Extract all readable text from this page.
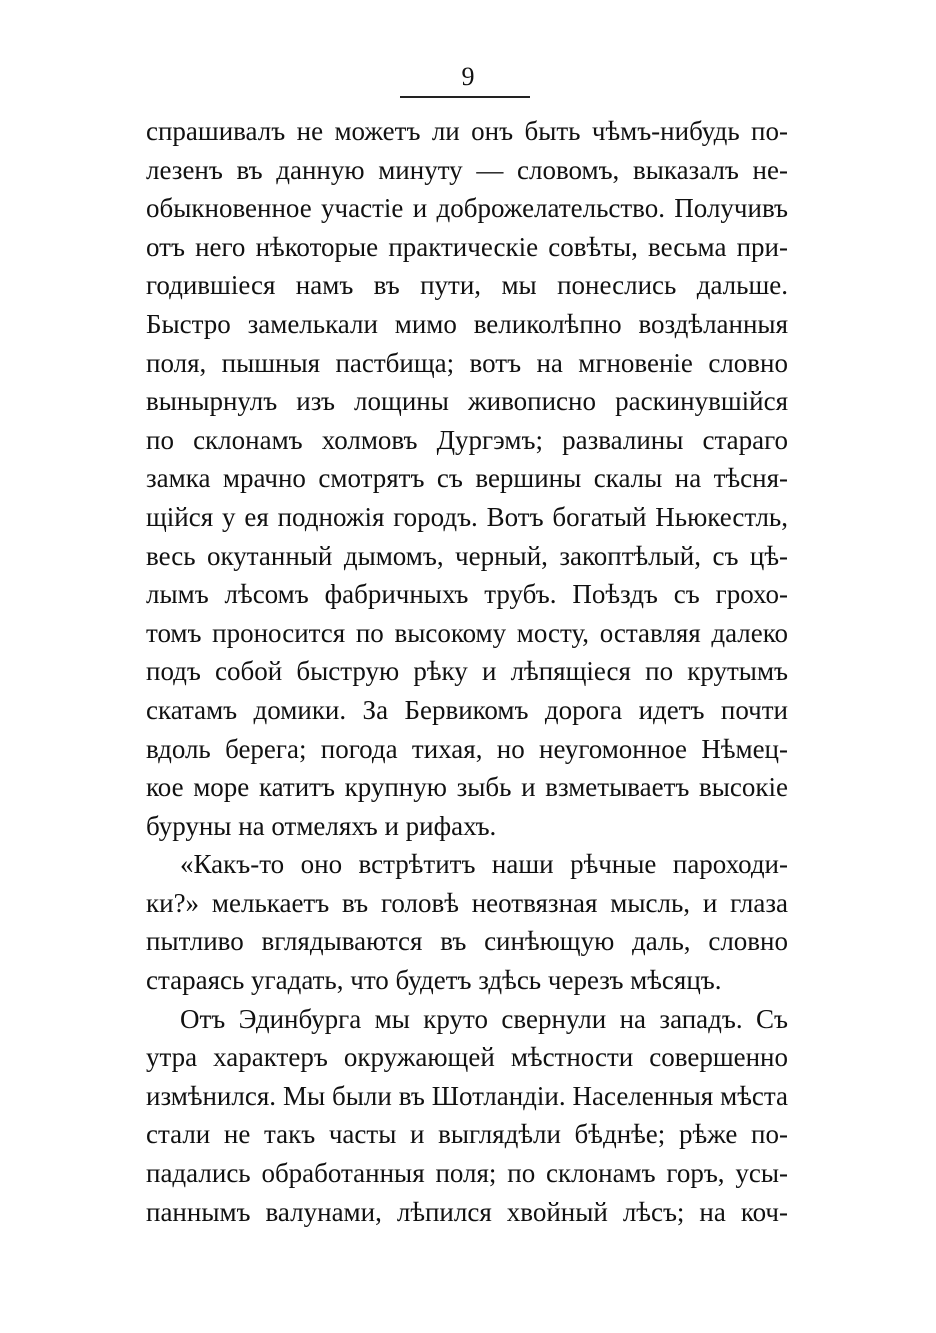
9
спрашивалъ не можетъ ли онъ быть чѣмъ-нибудь по-
лезенъ въ данную минуту — словомъ, выказалъ не-
обыкновенное участіе и доброжелательство. Получивъ
отъ него нѣкоторые практическіе совѣты, весьма при-
годившіеся намъ въ пути, мы понеслись дальше.
Быстро замелькали мимо великолѣпно воздѣланныя
поля, пышныя пастбища; вотъ на мгновеніе словно
вынырнулъ изъ лощины живописно раскинувшійся
по склонамъ холмовъ Дургэмъ; развалины стараго
замка мрачно смотрятъ съ вершины скалы на тѣсня-
щійся у ея подножія городъ. Вотъ богатый Ньюкестль,
весь окутанный дымомъ, черный, закоптѣлый, съ цѣ-
лымъ лѣсомъ фабричныхъ трубъ. Поѣздъ съ грохо-
томъ проносится по высокому мосту, оставляя далеко
подъ собой быструю рѣку и лѣпящіеся по крутымъ
скатамъ домики. За Бервикомъ дорога идетъ почти
вдоль берега; погода тихая, но неугомонное Нѣмец-
кое море катитъ крупную зыбь и взметываетъ высокіе
буруны на отмеляхъ и рифахъ.
«Какъ-то оно встрѣтитъ наши рѣчные пароходи-
ки?» мелькаетъ въ головѣ неотвязная мысль, и глаза
пытливо вглядываются въ синѣющую даль, словно
стараясь угадать, что будетъ здѣсь черезъ мѣсяцъ.
Отъ Эдинбурга мы круто свернули на западъ. Съ
утра характеръ окружающей мѣстности совершенно
измѣнился. Мы были въ Шотландіи. Населенныя мѣста
стали не такъ часты и выглядѣли бѣднѣе; рѣже по-
падались обработанныя поля; по склонамъ горъ, усы-
паннымъ валунами, лѣпился хвойный лѣсъ; на коч-
